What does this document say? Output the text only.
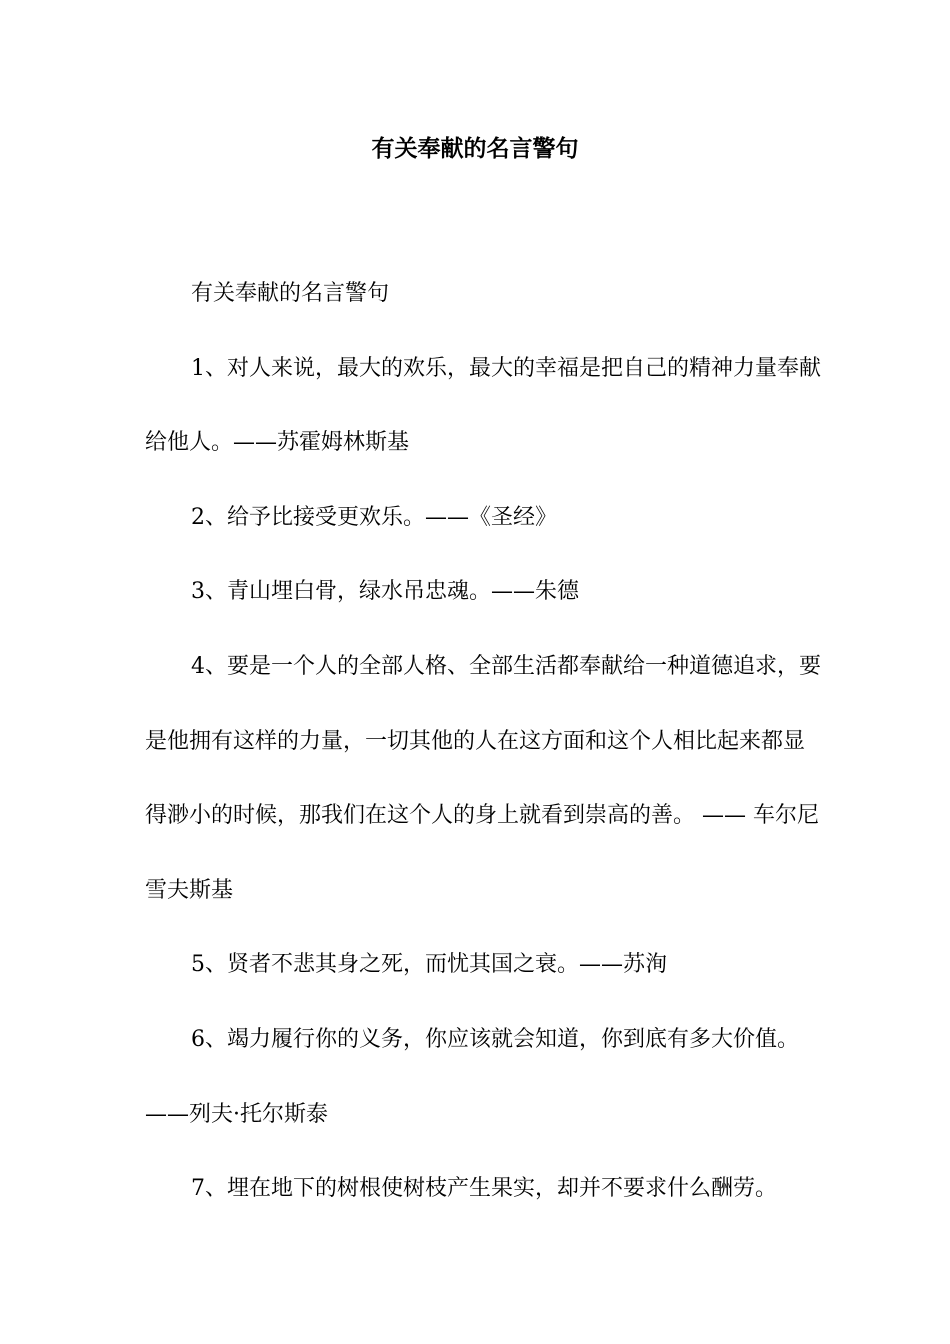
有关奉献的名言警句

有关奉献的名言警句

1、对人来说，最大的欢乐，最大的幸福是把自己的精神力量奉献给他人。——苏霍姆林斯基

2、给予比接受更欢乐。——《圣经》

3、青山埋白骨，绿水吊忠魂。——朱德

4、要是一个人的全部人格、全部生活都奉献给一种道德追求，要是他拥有这样的力量，一切其他的人在这方面和这个人相比起来都显得渺小的时候，那我们在这个人的身上就看到崇高的善。 —— 车尔尼雪夫斯基

5、贤者不悲其身之死，而忧其国之衰。——苏洵

6、竭力履行你的义务，你应该就会知道，你到底有多大价值。——列夫·托尔斯泰

7、埋在地下的树根使树枝产生果实，却并不要求什么酬劳。
